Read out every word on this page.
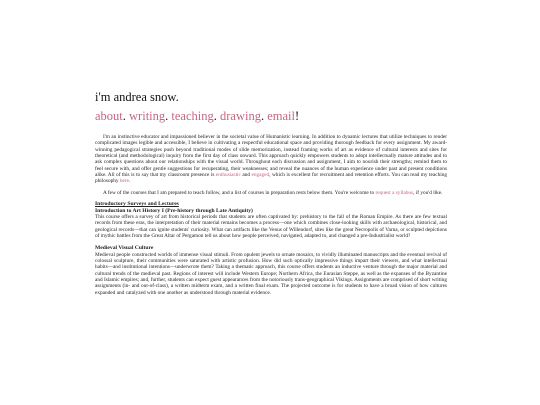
i'm andrea snow.
about. writing. teaching. drawing. email!

I'm an instinctive educator and impassioned believer in the societal value of Humanistic learning. In addition to dynamic lectures that utilize techniques to render complicated images legible and accessible, I believe in cultivating a respectful educational space and providing thorough feedback for every assignment. My award-winning pedagogical strategies push beyond traditional modes of slide memorization, instead framing works of art as evidence of cultural interests and sites for theoretical (and methodological) inquiry from the first day of class onward. This approach quickly empowers students to adopt intellectually mature attitudes and to ask complex questions about our relationships with the visual world. Throughout each discussion and assignment, I aim to nourish their strengths; remind them to feel secure with, and offer gentle suggestions for recuperating, their weaknesses; and reveal the nuances of the human experience under past and present conditions alike. All of this is to say that my classroom presence is enthusiastic and engaged, which is excellent for recruitment and retention efforts. You can read my teaching philosophy here.

A few of the courses that I am prepared to teach follow, and a list of courses in preparation rests below them. You're welcome to request a syllabus, if you'd like.

Introductory Surveys and Lectures
Introduction to Art History I (Pre-history through Late Antiquity)
This course offers a survey of art from historical periods that students are often captivated by: prehistory to the fall of the Roman Empire. As there are few textual records from these eras, the interpretation of their material remains becomes a process—one which combines close-looking skills with archaeological, historical, and geological records—that can ignite students' curiosity. What can artifacts like the Venus of Willendorf, sites like the great Necropolis of Varna, or sculpted depictions of mythic battles from the Great Altar of Pergamon tell us about how people perceived, navigated, adapted to, and changed a pre-Industrialist world?
Medieval Visual Culture
Medieval people constructed worlds of immense visual stimuli. From opulent jewels to ornate mosaics, to vividly illuminated manuscripts and the eventual revival of colossal sculpture, their communities were saturated with artistic profusion. How did such optically impressive things impart their viewers, and what intellectual habits—and institutional intentions—underwrote them? Taking a thematic approach, this course offers students an inductive venture through the major material and cultural trends of the medieval past. Regions of interest will include Western Europe; Northern Africa, the Eurasian Steppe, as well as the expanses of the Byzantine and Islamic empires; and, further, students can expect guest appearances from the notoriously trans-geographical Vikings. Assignments are comprised of short writing assignments (in- and out-of-class), a written midterm exam, and a written final exam. The projected outcome is for students to have a broad vision of how cultures expanded and catalyzed with one another as understood through material evidence.
